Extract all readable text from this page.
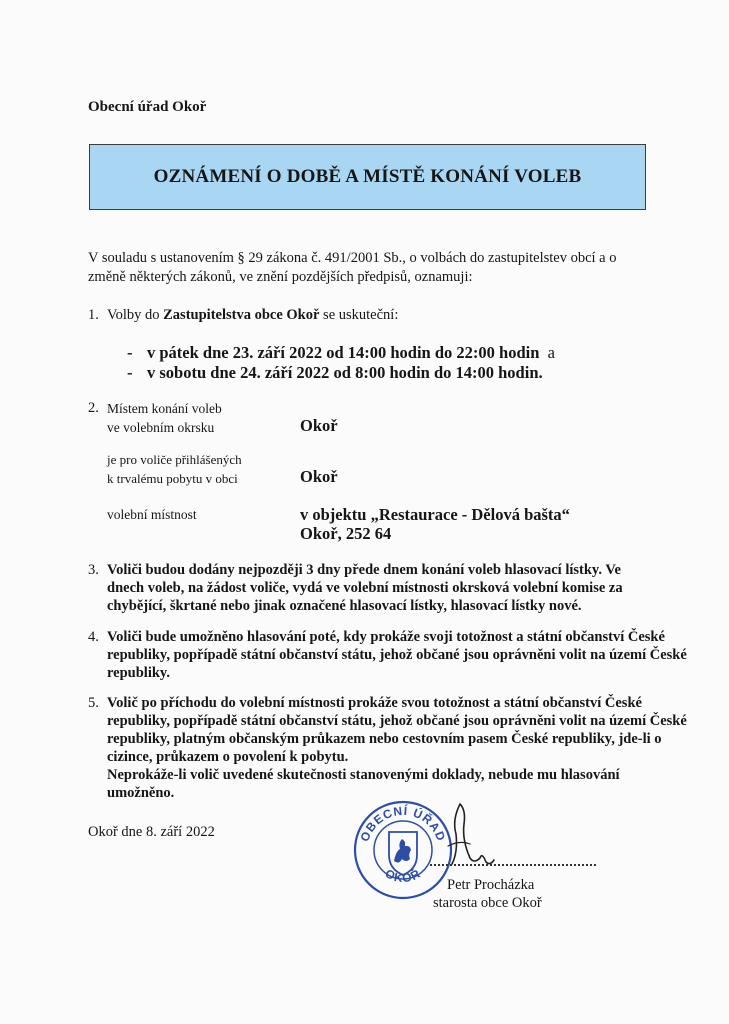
Obecní úřad Okoř
OZNÁMENÍ O DOBĚ A MÍSTĚ KONÁNÍ VOLEB
V souladu s ustanovením § 29 zákona č. 491/2001 Sb., o volbách do zastupitelstev obcí a o
změně některých zákonů, ve znění pozdějších předpisů, oznamuji:
1. Volby do Zastupitelstva obce Okoř se uskuteční:
- v pátek dne 23. září 2022 od 14:00 hodin do 22:00 hodin a
- v sobotu dne 24. září 2022 od 8:00 hodin do 14:00 hodin.
2. Místem konání voleb
ve volebním okrsku	Okoř
je pro voliče přihlášených
k trvalému pobytu v obci	Okoř
volební místnost	v objektu „Restaurace - Dělová bašta“
Okoř, 252 64
3. Voliči budou dodány nejpozději 3 dny přede dnem konání voleb hlasovací lístky. Ve
dnech voleb, na žádost voliče, vydá ve volební místnosti okrsková volební komise za
chybějící, škrtané nebo jinak označené hlasovací lístky, hlasovací lístky nové.
4. Voliči bude umožněno hlasování poté, kdy prokáže svoji totožnost a státní občanství České
republiky, popřípadě státní občanství státu, jehož občané jsou oprávněni volit na území České
republiky.
5. Volič po příchodu do volební místnosti prokáže svou totožnost a státní občanství České
republiky, popřípadě státní občanství státu, jehož občané jsou oprávněni volit na území České
republiky, platným občanským průkazem nebo cestovním pasem České republiky, jde-li o
cizince, průkazem o povolení k pobytu.
Neprokáže-li volič uvedené skutečnosti stanovenými doklady, nebude mu hlasování
umožněno.
Okoř dne 8. září 2022	OBECNÍ ÚŘAD
OKOŘ
Petr Procházka
starosta obce Okoř
